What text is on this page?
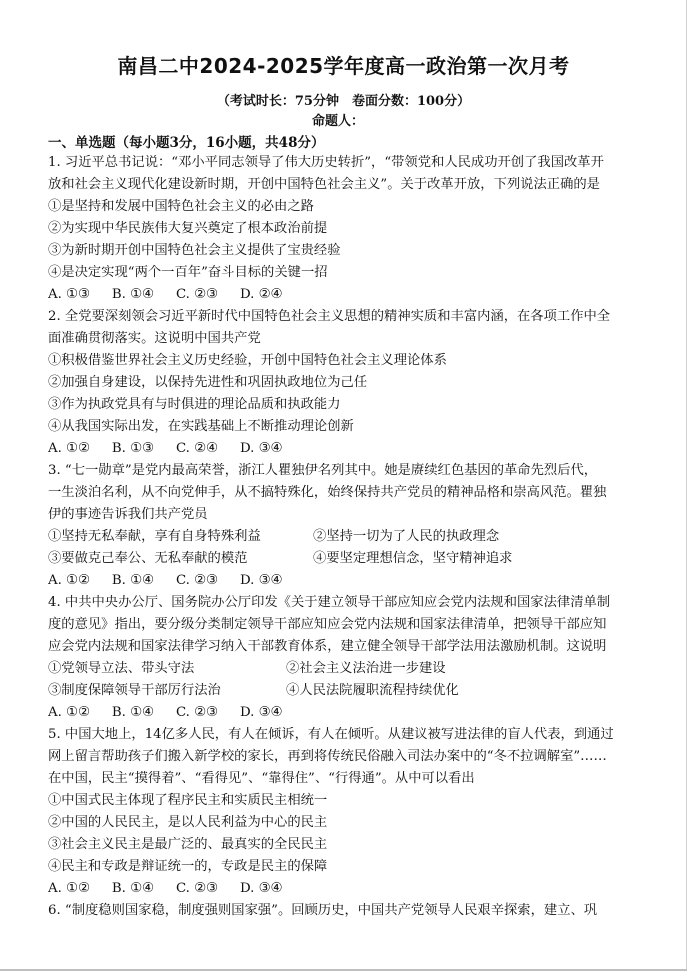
南昌二中2024-2025学年度高一政治第一次月考
（考试时长：75分钟　卷面分数：100分）
命题人：
一、单选题（每小题3分，16小题，共48分）
1. 习近平总书记说：“邓小平同志领导了伟大历史转折”，“带领党和人民成功开创了我国改革开
放和社会主义现代化建设新时期，开创中国特色社会主义”。关于改革开放，下列说法正确的是
①是坚持和发展中国特色社会主义的必由之路
②为实现中华民族伟大复兴奠定了根本政治前提
③为新时期开创中国特色社会主义提供了宝贵经验
④是决定实现“两个一百年”奋斗目标的关键一招
A. ①③ B. ①④ C. ②③ D. ②④
2. 全党要深刻领会习近平新时代中国特色社会主义思想的精神实质和丰富内涵，在各项工作中全
面准确贯彻落实。这说明中国共产党
①积极借鉴世界社会主义历史经验，开创中国特色社会主义理论体系
②加强自身建设，以保持先进性和巩固执政地位为己任
③作为执政党具有与时俱进的理论品质和执政能力
④从我国实际出发，在实践基础上不断推动理论创新
A. ①② B. ①③ C. ②④ D. ③④
3. “七一勋章”是党内最高荣誉，浙江人瞿独伊名列其中。她是赓续红色基因的革命先烈后代，
一生淡泊名利，从不向党伸手，从不搞特殊化，始终保持共产党员的精神品格和崇高风范。瞿独
伊的事迹告诉我们共产党员
①坚持无私奉献，享有自身特殊利益	②坚持一切为了人民的执政理念
③要做克己奉公、无私奉献的模范	④要坚定理想信念，坚守精神追求
A. ①② B. ①④ C. ②③ D. ③④
4. 中共中央办公厅、国务院办公厅印发《关于建立领导干部应知应会党内法规和国家法律清单制
度的意见》指出，要分级分类制定领导干部应知应会党内法规和国家法律清单，把领导干部应知
应会党内法规和国家法律学习纳入干部教育体系，建立健全领导干部学法用法激励机制。这说明
①党领导立法、带头守法	②社会主义法治进一步建设
③制度保障领导干部厉行法治	④人民法院履职流程持续优化
A. ①② B. ①④ C. ②③ D. ③④
5. 中国大地上，14亿多人民，有人在倾诉，有人在倾听。从建议被写进法律的盲人代表，到通过
网上留言帮助孩子们搬入新学校的家长，再到将传统民俗融入司法办案中的“冬不拉调解室”……
在中国，民主“摸得着”、“看得见”、“靠得住”、“行得通”。从中可以看出
①中国式民主体现了程序民主和实质民主相统一
②中国的人民民主，是以人民利益为中心的民主
③社会主义民主是最广泛的、最真实的全民民主
④民主和专政是辩证统一的，专政是民主的保障
A. ①② B. ①④ C. ②③ D. ③④
6. “制度稳则国家稳，制度强则国家强”。回顾历史，中国共产党领导人民艰辛探索，建立、巩
